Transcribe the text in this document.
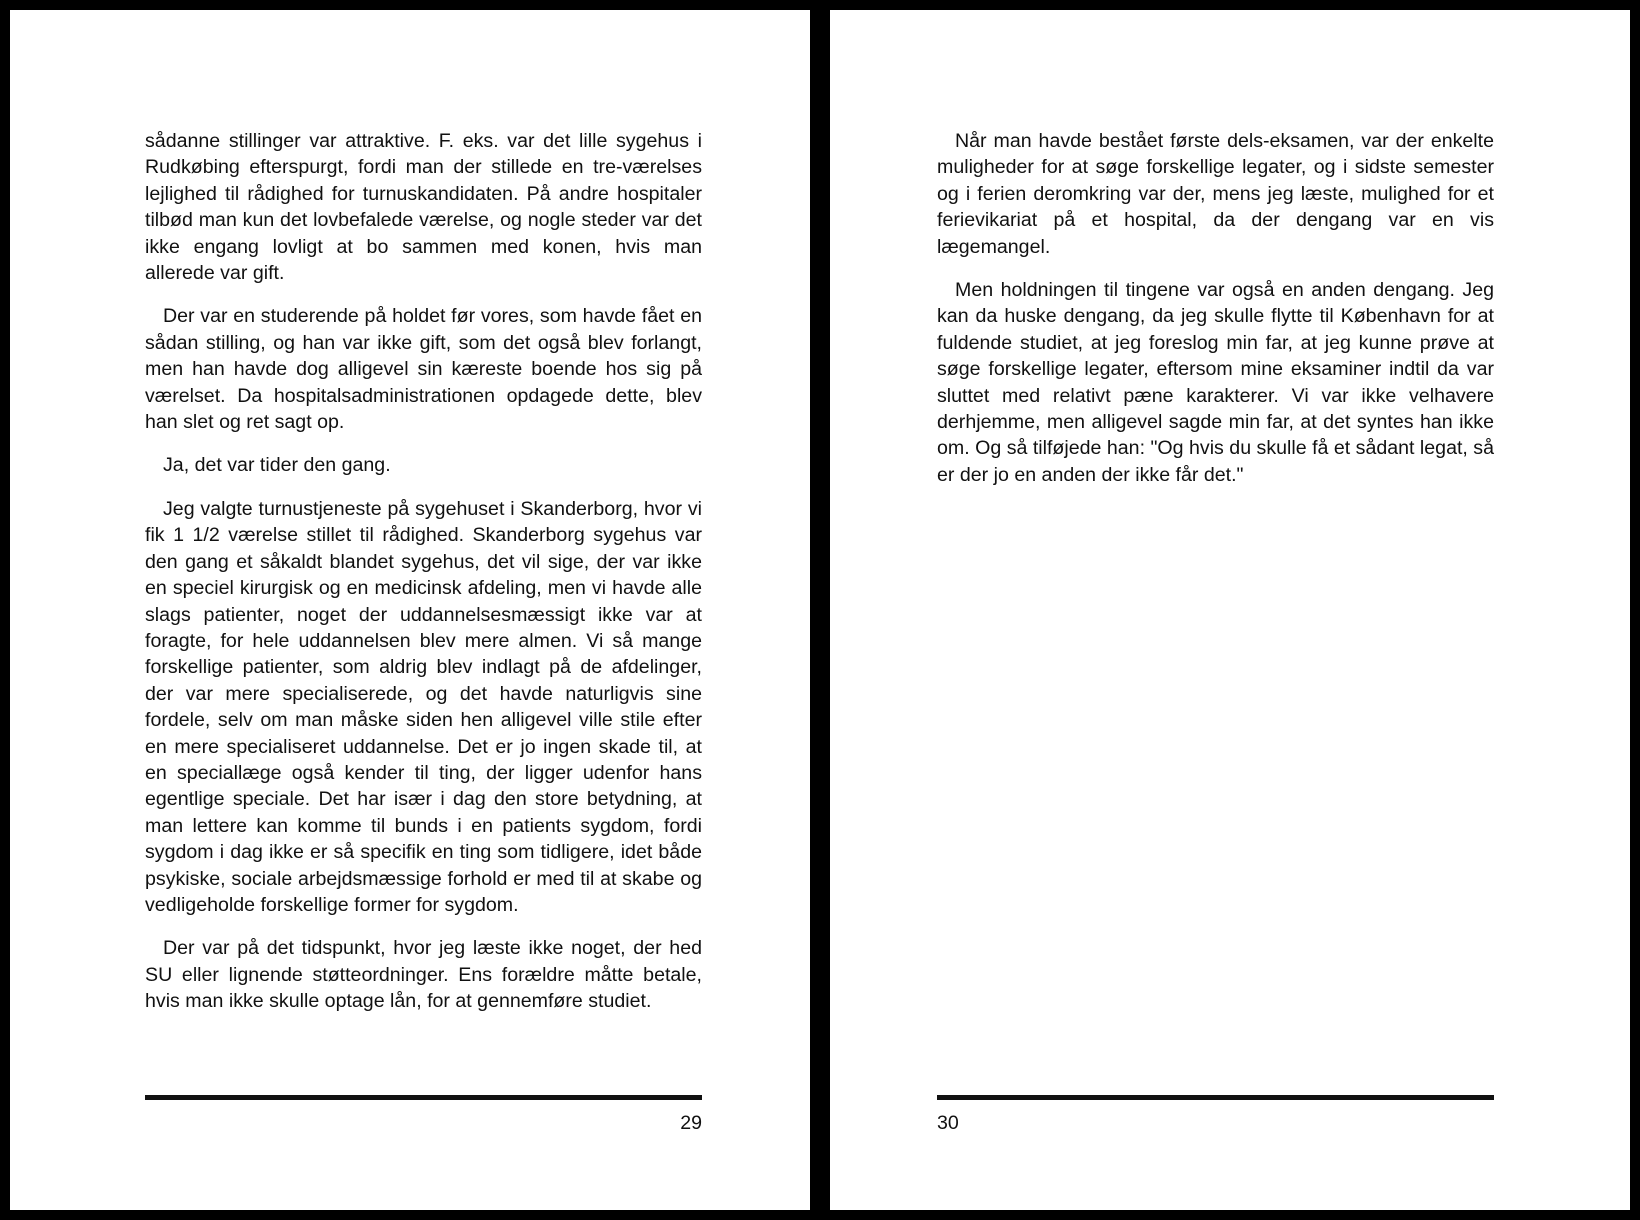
sådanne stillinger var attraktive. F. eks. var det lille sygehus i Rudkøbing efterspurgt, fordi man der stillede en tre-værelses lejlighed til rådighed for turnuskandidaten. På andre hospitaler tilbød man kun det lovbefalede værelse, og nogle steder var det ikke engang lovligt at bo sammen med konen, hvis man allerede var gift.

Der var en studerende på holdet før vores, som havde fået en sådan stilling, og han var ikke gift, som det også blev forlangt, men han havde dog alligevel sin kæreste boende hos sig på værelset. Da hospitalsadministrationen opdagede dette, blev han slet og ret sagt op.

Ja, det var tider den gang.

Jeg valgte turnustjeneste på sygehuset i Skanderborg, hvor vi fik 1 1/2 værelse stillet til rådighed. Skanderborg sygehus var den gang et såkaldt blandet sygehus, det vil sige, der var ikke en speciel kirurgisk og en medicinsk afdeling, men vi havde alle slags patienter, noget der uddannelsesmæssigt ikke var at foragte, for hele uddannelsen blev mere almen. Vi så mange forskellige patienter, som aldrig blev indlagt på de afdelinger, der var mere specialiserede, og det havde naturligvis sine fordele, selv om man måske siden hen alligevel ville stile efter en mere specialiseret uddannelse. Det er jo ingen skade til, at en speciallæge også kender til ting, der ligger udenfor hans egentlige speciale. Det har især i dag den store betydning, at man lettere kan komme til bunds i en patients sygdom, fordi sygdom i dag ikke er så specifik en ting som tidligere, idet både psykiske, sociale arbejdsmæssige forhold er med til at skabe og vedligeholde forskellige former for sygdom.

Der var på det tidspunkt, hvor jeg læste ikke noget, der hed SU eller lignende støtteordninger. Ens forældre måtte betale, hvis man ikke skulle optage lån, for at gennemføre studiet.

29

Når man havde bestået første dels-eksamen, var der enkelte muligheder for at søge forskellige legater, og i sidste semester og i ferien deromkring var der, mens jeg læste, mulighed for et ferievikariat på et hospital, da der dengang var en vis lægemangel.

Men holdningen til tingene var også en anden dengang. Jeg kan da huske dengang, da jeg skulle flytte til København for at fuldende studiet, at jeg foreslog min far, at jeg kunne prøve at søge forskellige legater, eftersom mine eksaminer indtil da var sluttet med relativt pæne karakterer. Vi var ikke velhavere derhjemme, men alligevel sagde min far, at det syntes han ikke om. Og så tilføjede han: "Og hvis du skulle få et sådant legat, så er der jo en anden der ikke får det."

30
